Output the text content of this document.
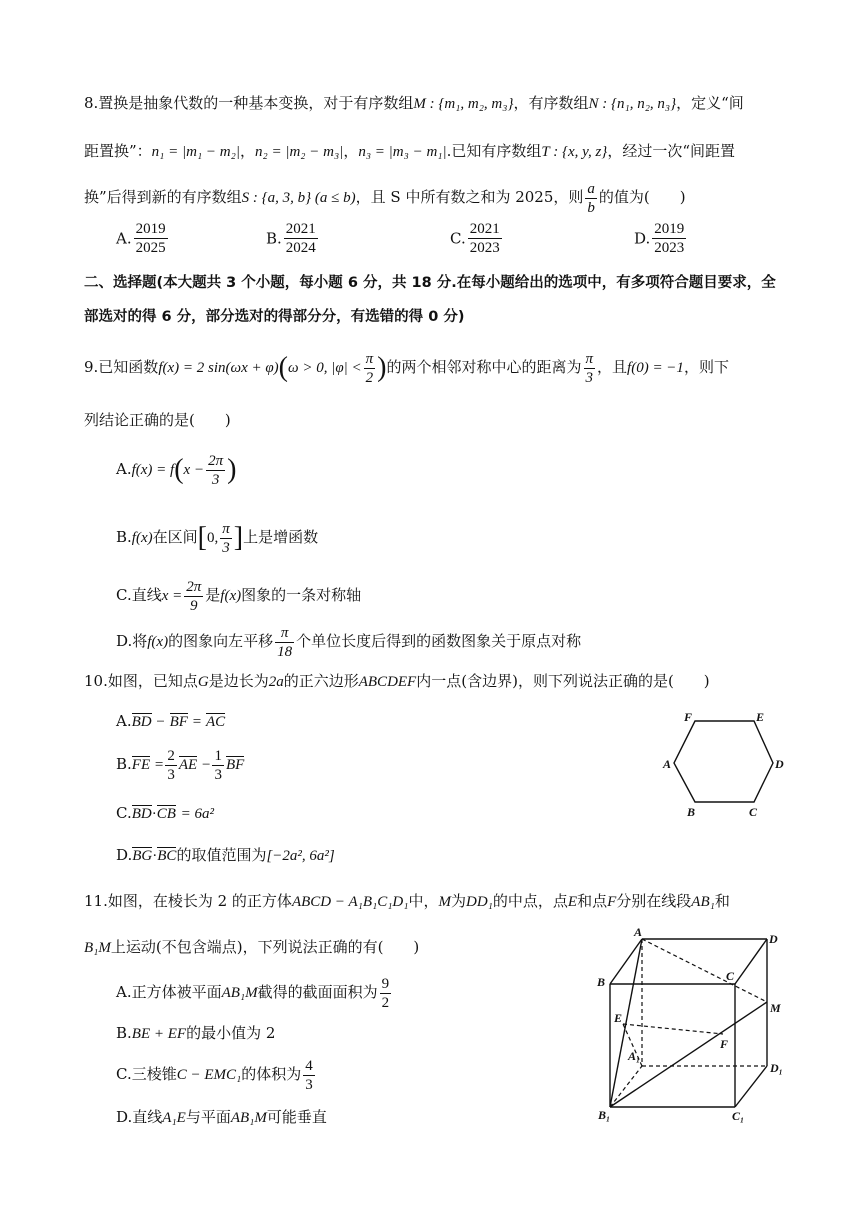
8.置换是抽象代数的一种基本变换，对于有序数组M : {m₁, m₂, m₃}，有序数组N : {n₁, n₂, n₃}，定义“间
距置换”：n₁ = |m₁ − m₂|，n₂ = |m₂ − m₃|，n₃ = |m₃ − m₁|.已知有序数组T : {x, y, z}，经过一次“间距置
换”后得到新的有序数组S : {a, 3, b} (a ≤ b)，且 S 中所有数之和为 2025，则 $\frac{a}{b}$ 的值为(　　)
A. $\frac{2019}{2025}$	B. $\frac{2021}{2024}$	C. $\frac{2021}{2023}$	D. $\frac{2019}{2023}$
二、选择题(本大题共 3 个小题，每小题 6 分，共 18 分.在每小题给出的选项中，有多项符合题目要求，全
部选对的得 6 分，部分选对的得部分分，有选错的得 0 分)
9.已知函数f(x) = 2 sin(ωx + φ)(ω > 0, $|\varphi| < \frac{\pi}{2}$ )的两个相邻对称中心的距离为 $\frac{\pi}{3}$ ，且f(0) = −1，则下
列结论正确的是(　　)
$A.f(x) = f(x - \frac{2\pi}{3}$ )
B.f(x)在区间[0, $\frac{\pi}{3}$ ]上是增函数
C.直线$x = \frac{2\pi}{9}$ 是f(x)图象的一条对称轴
D.将f(x)的图象向左平移 $\frac{\pi}{18}$ 个单位长度后得到的函数图象关于原点对称
10.如图，已知点G是边长为2a的正六边形ABCDEF内一点(含边界)，则下列说法正确的是(　　)
A.BD − BF = AC
$B.FE = \frac{2}{3}$ AE − $\frac{1}{3}$ BF
C.BD·CB = 6a²
D.BG·BC的取值范围为[−2a², 6a²]
F	E
A	D
B	C
11.如图，在棱长为 2 的正方体ABCD − A₁B₁C₁D₁中，M为DD₁的中点，点E和点F分别在线段AB₁和
B₁M上运动(不包含端点)，下列说法正确的有(　　)
A.正方体被平面AB₁M截得的截面面积为 $\frac{9}{2}$
B.BE + EF的最小值为 2
C.三棱锥C − EMC₁的体积为 $\frac{4}{3}$
D.直线A₁E与平面AB₁M可能垂直
A	D
B	C
M
E
F
A₁
D₁
B₁	C₁
